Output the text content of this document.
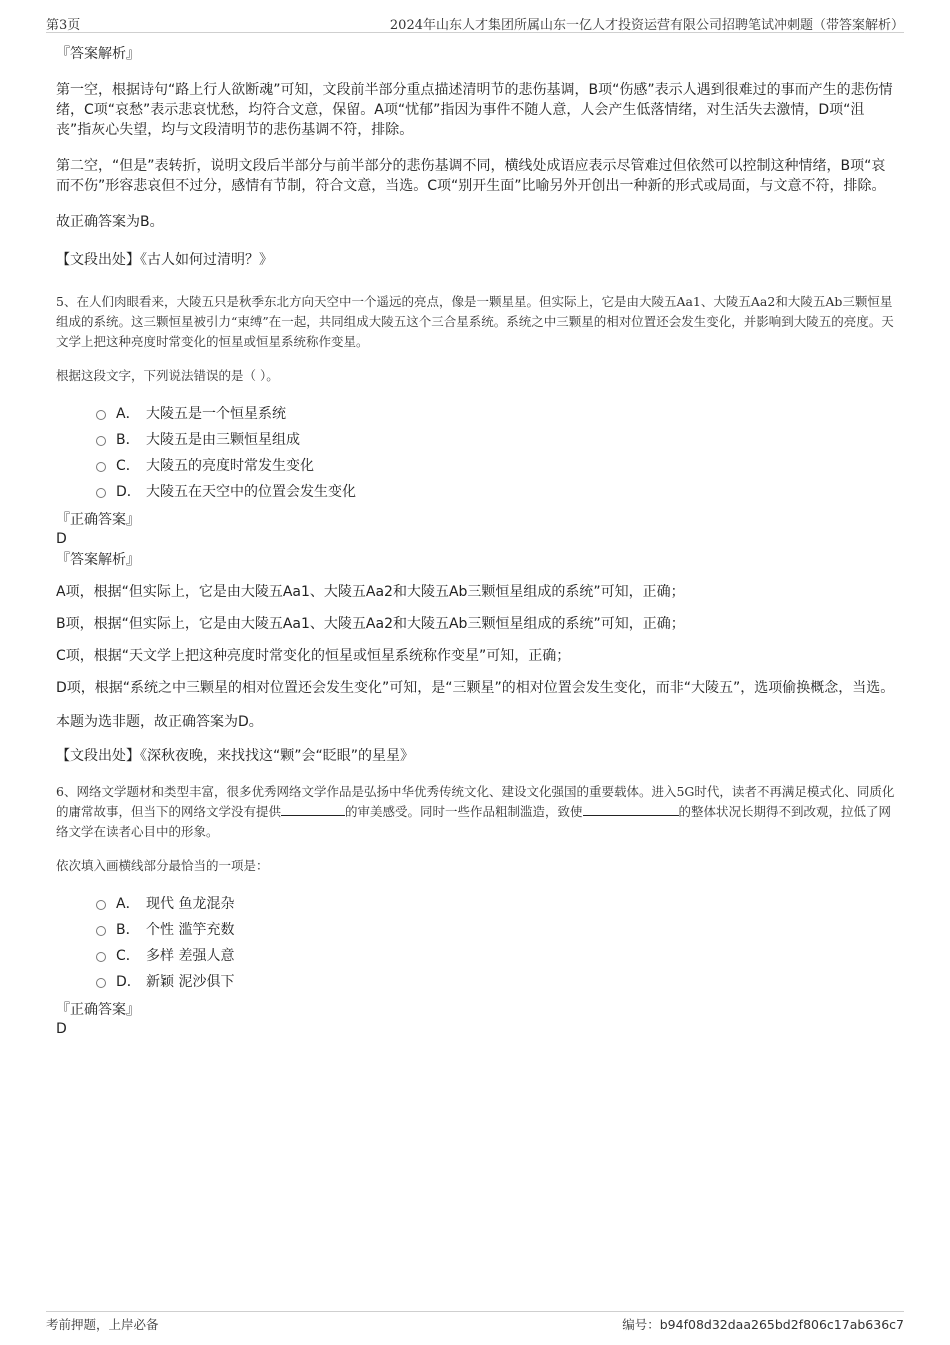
第3页	2024年山东人才集团所属山东一亿人才投资运营有限公司招聘笔试冲刺题（带答案解析）
『答案解析』

第一空，根据诗句“路上行人欲断魂”可知，文段前半部分重点描述清明节的悲伤基调，B项“伤感”表示人遇到很难过的事而产生的悲伤情绪，C项“哀愁”表示悲哀忧愁，均符合文意，保留。A项“忧郁”指因为事件不随人意，人会产生低落情绪，对生活失去激情，D项“沮丧”指灰心失望，均与文段清明节的悲伤基调不符，排除。

第二空，“但是”表转折，说明文段后半部分与前半部分的悲伤基调不同，横线处成语应表示尽管难过但依然可以控制这种情绪，B项“哀而不伤”形容悲哀但不过分，感情有节制，符合文意，当选。C项“别开生面”比喻另外开创出一种新的形式或局面，与文意不符，排除。

故正确答案为B。

【文段出处】《古人如何过清明？》
5、在人们肉眼看来，大陵五只是秋季东北方向天空中一个遥远的亮点，像是一颗星星。但实际上，它是由大陵五Aa1、大陵五Aa2和大陵五Ab三颗恒星组成的系统。这三颗恒星被引力“束缚”在一起，共同组成大陵五这个三合星系统。系统之中三颗星的相对位置还会发生变化，并影响到大陵五的亮度。天文学上把这种亮度时常变化的恒星或恒星系统称作变星。
根据这段文字，下列说法错误的是（ ）。
A． 大陵五是一个恒星系统
B． 大陵五是由三颗恒星组成
C． 大陵五的亮度时常发生变化
D． 大陵五在天空中的位置会发生变化
『正确答案』
D
『答案解析』

A项，根据“但实际上，它是由大陵五Aa1、大陵五Aa2和大陵五Ab三颗恒星组成的系统”可知，正确；

B项，根据“但实际上，它是由大陵五Aa1、大陵五Aa2和大陵五Ab三颗恒星组成的系统”可知，正确；

C项，根据“天文学上把这种亮度时常变化的恒星或恒星系统称作变星”可知，正确；

D项，根据“系统之中三颗星的相对位置还会发生变化”可知，是“三颗星”的相对位置会发生变化，而非“大陵五”，选项偷换概念，当选。

本题为选非题，故正确答案为D。

【文段出处】《深秋夜晚，来找找这“颗”会“眨眼”的星星》
6、网络文学题材和类型丰富，很多优秀网络文学作品是弘扬中华优秀传统文化、建设文化强国的重要载体。进入5G时代，读者不再满足模式化、同质化的庸常故事，但当下的网络文学没有提供	的审美感受。同时一些作品粗制滥造，致使	的整体状况长期得不到改观，拉低了网络文学在读者心目中的形象。
依次填入画横线部分最恰当的一项是：
A． 现代 鱼龙混杂
B． 个性 滥竽充数
C． 多样 差强人意
D． 新颖 泥沙俱下
『正确答案』
D
考前押题，上岸必备	编号：b94f08d32daa265bd2f806c17ab636c7
